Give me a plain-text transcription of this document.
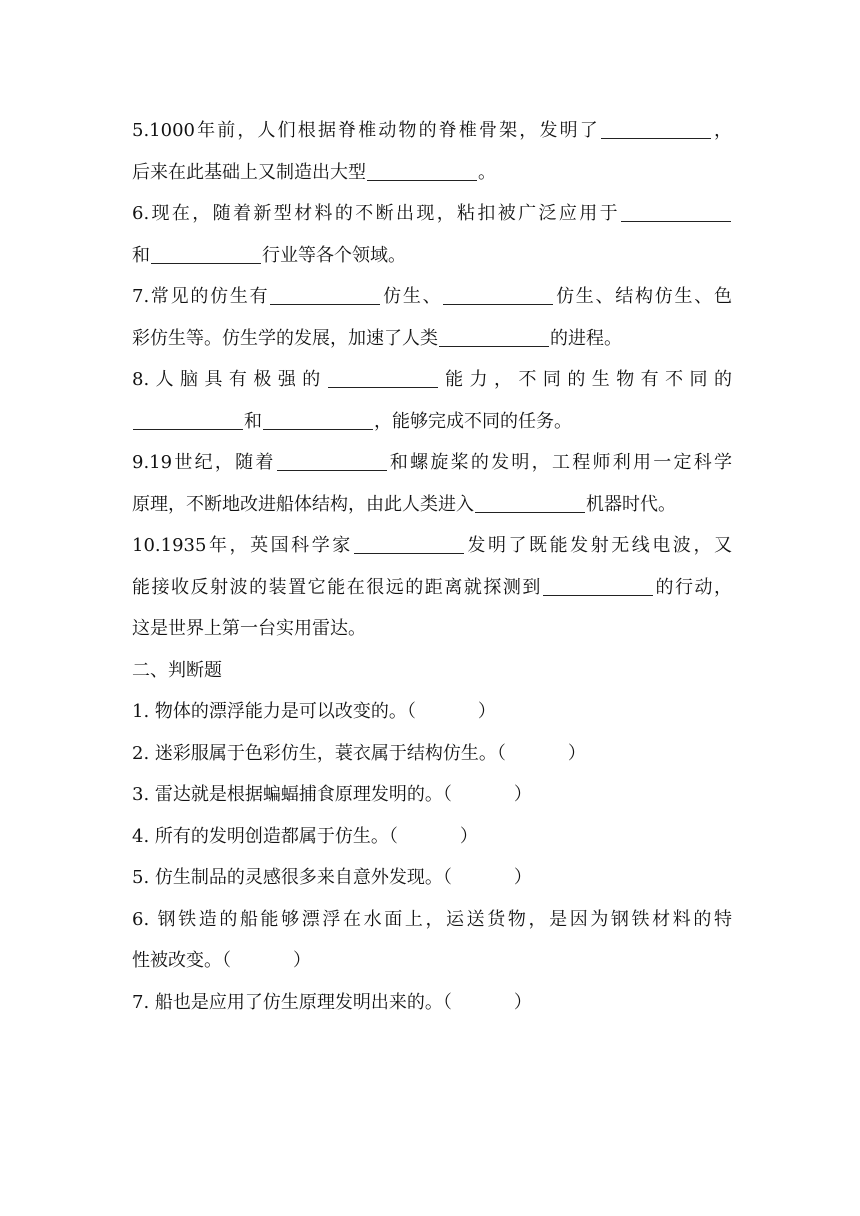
5.1000年前，人们根据脊椎动物的脊椎骨架，发明了	，
后来在此基础上又制造出大型	。
6.现在，随着新型材料的不断出现，粘扣被广泛应用于
和	行业等各个领域。
7.常见的仿生有	仿生、	仿生、结构仿生、色
彩仿生等。仿生学的发展，加速了人类	的进程。
8.人脑具有极强的	能力，不同的生物有不同的
和	，能够完成不同的任务。
9.19世纪，随着	和螺旋桨的发明，工程师利用一定科学
原理，不断地改进船体结构，由此人类进入	机器时代。
10.1935年，英国科学家	发明了既能发射无线电波，又
能接收反射波的装置它能在很远的距离就探测到	的行动，
这是世界上第一台实用雷达。
二、判断题
1. 物体的漂浮能力是可以改变的。（	）
2. 迷彩服属于色彩仿生，蓑衣属于结构仿生。（	）
3. 雷达就是根据蝙蝠捕食原理发明的。（	）
4. 所有的发明创造都属于仿生。（	）
5. 仿生制品的灵感很多来自意外发现。（	）
6. 钢铁造的船能够漂浮在水面上，运送货物，是因为钢铁材料的特
性被改变。（	）
7. 船也是应用了仿生原理发明出来的。（	）
